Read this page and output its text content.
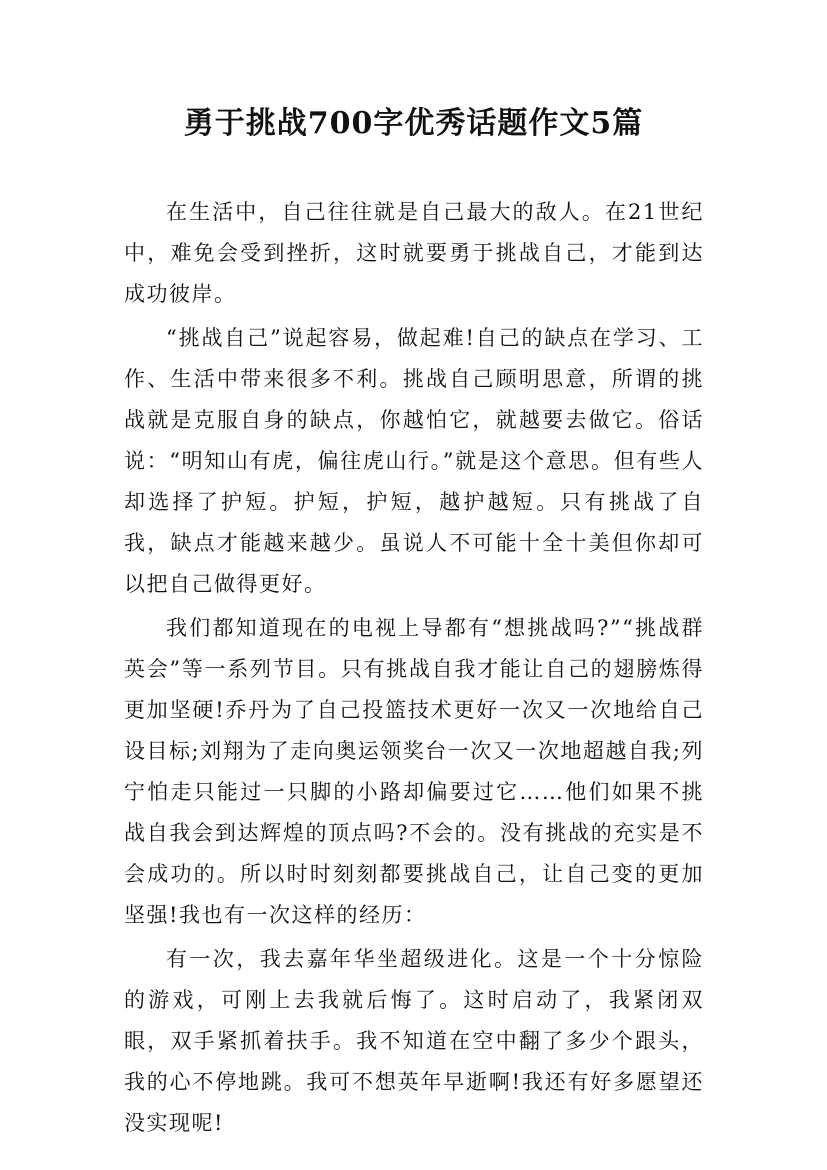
勇于挑战700字优秀话题作文5篇

在生活中，自己往往就是自己最大的敌人。在21世纪中，难免会受到挫折，这时就要勇于挑战自己，才能到达成功彼岸。

“挑战自己”说起容易，做起难!自己的缺点在学习、工作、生活中带来很多不利。挑战自己顾明思意，所谓的挑战就是克服自身的缺点，你越怕它，就越要去做它。俗话说：“明知山有虎，偏往虎山行。”就是这个意思。但有些人却选择了护短。护短，护短，越护越短。只有挑战了自我，缺点才能越来越少。虽说人不可能十全十美但你却可以把自己做得更好。

我们都知道现在的电视上导都有“想挑战吗?”“挑战群英会”等一系列节目。只有挑战自我才能让自己的翅膀炼得更加坚硬!乔丹为了自己投篮技术更好一次又一次地给自己设目标;刘翔为了走向奥运领奖台一次又一次地超越自我;列宁怕走只能过一只脚的小路却偏要过它……他们如果不挑战自我会到达辉煌的顶点吗?不会的。没有挑战的充实是不会成功的。所以时时刻刻都要挑战自己，让自己变的更加坚强!我也有一次这样的经历：

有一次，我去嘉年华坐超级进化。这是一个十分惊险的游戏，可刚上去我就后悔了。这时启动了，我紧闭双眼，双手紧抓着扶手。我不知道在空中翻了多少个跟头，我的心不停地跳。我可不想英年早逝啊!我还有好多愿望还没实现呢!
